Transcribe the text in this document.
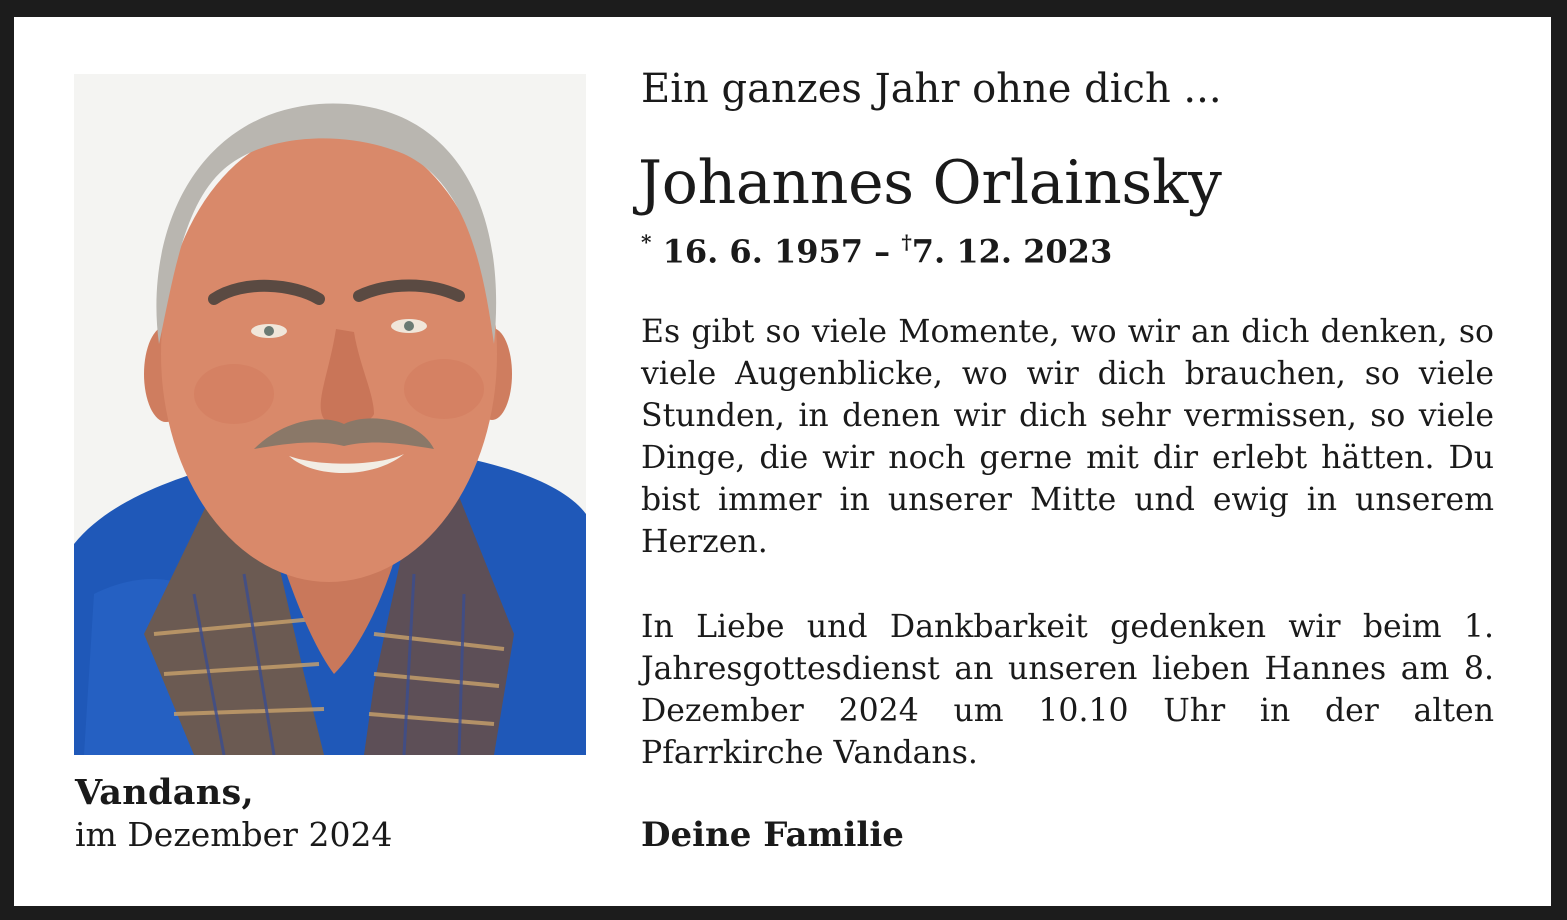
Vandans,
im Dezember 2024
Ein ganzes Jahr ohne dich ...
Johannes Orlainsky
* 16. 6. 1957 – †7. 12. 2023

Es gibt so viele Momente, wo wir an dich denken, so viele Augenblicke, wo wir dich brauchen, so viele Stunden, in denen wir dich sehr vermissen, so viele Dinge, die wir noch gerne mit dir erlebt hätten. Du bist immer in unserer Mitte und ewig in unserem Herzen.

In Liebe und Dankbarkeit gedenken wir beim 1. Jahresgottesdienst an unseren lieben Hannes am 8. Dezember 2024 um 10.10 Uhr in der alten Pfarrkirche Vandans.

Deine Familie
